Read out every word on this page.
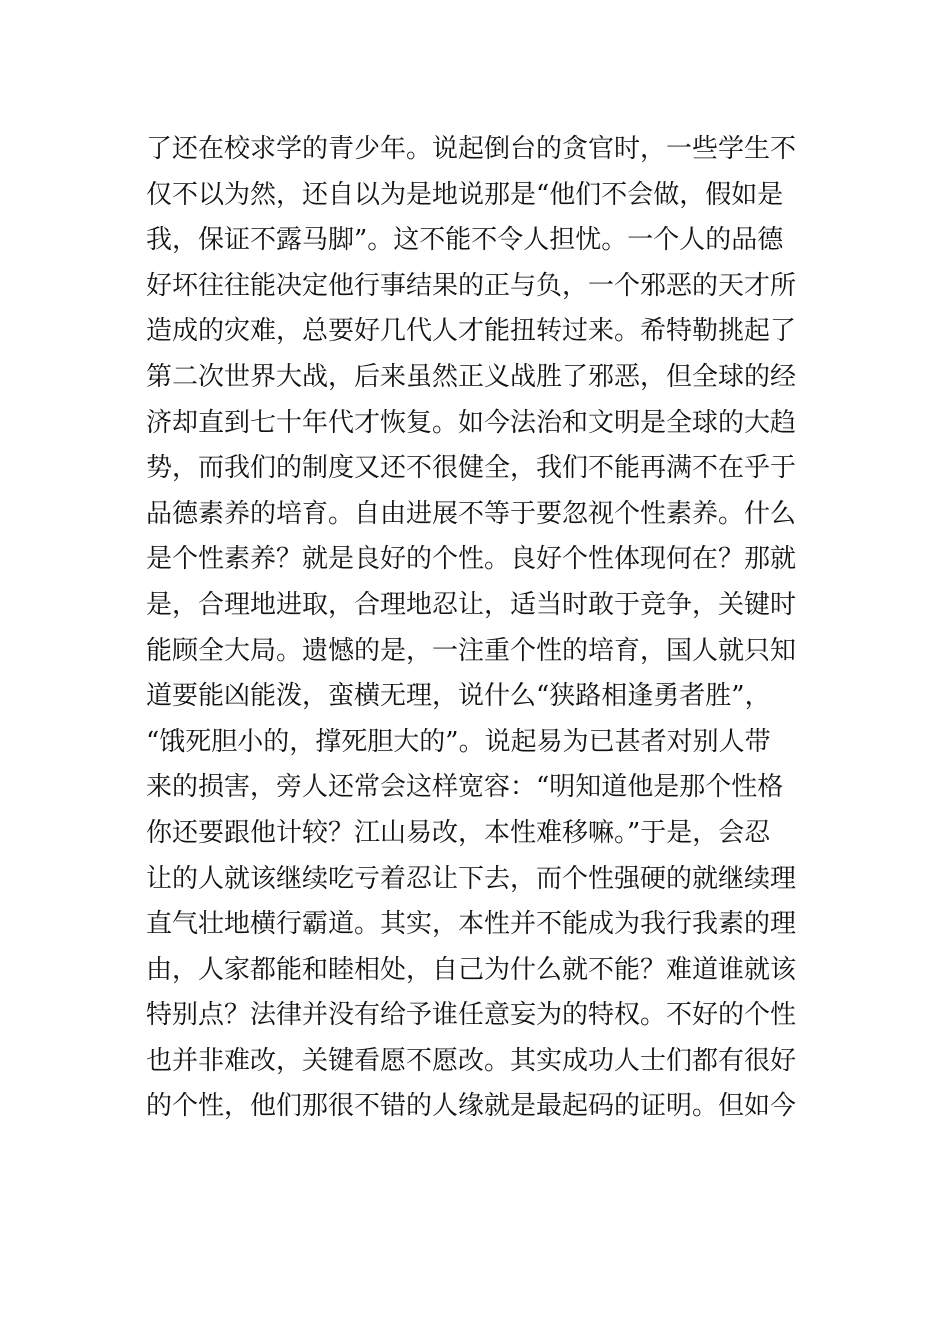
了还在校求学的青少年。说起倒台的贪官时，一些学生不
仅不以为然，还自以为是地说那是“他们不会做，假如是
我，保证不露马脚”。这不能不令人担忧。一个人的品德
好坏往往能决定他行事结果的正与负，一个邪恶的天才所
造成的灾难，总要好几代人才能扭转过来。希特勒挑起了
第二次世界大战，后来虽然正义战胜了邪恶，但全球的经
济却直到七十年代才恢复。如今法治和文明是全球的大趋
势，而我们的制度又还不很健全，我们不能再满不在乎于
品德素养的培育。自由进展不等于要忽视个性素养。什么
是个性素养？就是良好的个性。良好个性体现何在？那就
是，合理地进取，合理地忍让，适当时敢于竞争，关键时
能顾全大局。遗憾的是，一注重个性的培育，国人就只知
道要能凶能泼，蛮横无理，说什么“狭路相逢勇者胜”，
“饿死胆小的，撑死胆大的”。说起易为已甚者对别人带
来的损害，旁人还常会这样宽容：“明知道他是那个性格
你还要跟他计较？江山易改，本性难移嘛。”于是，会忍
让的人就该继续吃亏着忍让下去，而个性强硬的就继续理
直气壮地横行霸道。其实，本性并不能成为我行我素的理
由，人家都能和睦相处，自己为什么就不能？难道谁就该
特别点？法律并没有给予谁任意妄为的特权。不好的个性
也并非难改，关键看愿不愿改。其实成功人士们都有很好
的个性，他们那很不错的人缘就是最起码的证明。但如今
